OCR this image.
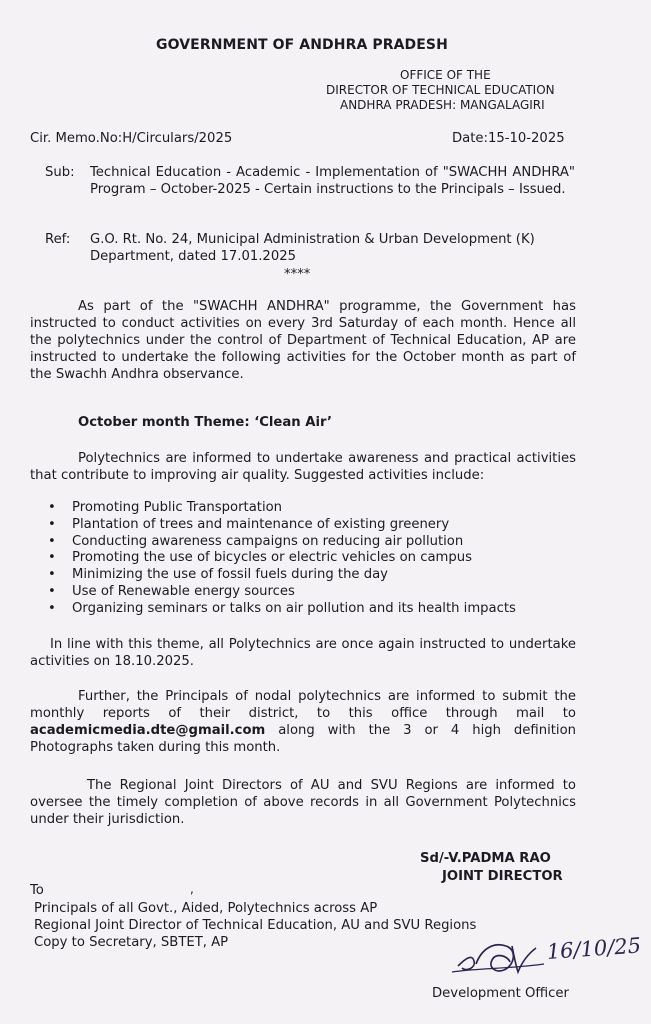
GOVERNMENT OF ANDHRA PRADESH
OFFICE OF THE
DIRECTOR OF TECHNICAL EDUCATION
ANDHRA PRADESH: MANGALAGIRI
Cir. Memo.No:H/Circulars/2025	Date:15-10-2025
Sub: Technical Education - Academic - Implementation of "SWACHH ANDHRA" Program – October-2025 - Certain instructions to the Principals – Issued.
Ref: G.O. Rt. No. 24, Municipal Administration & Urban Development (K) Department, dated 17.01.2025
****
As part of the "SWACHH ANDHRA" programme, the Government has instructed to conduct activities on every 3rd Saturday of each month. Hence all the polytechnics under the control of Department of Technical Education, AP are instructed to undertake the following activities for the October month as part of the Swachh Andhra observance.
October month Theme: ‘Clean Air’
Polytechnics are informed to undertake awareness and practical activities that contribute to improving air quality. Suggested activities include:
• Promoting Public Transportation
• Plantation of trees and maintenance of existing greenery
• Conducting awareness campaigns on reducing air pollution
• Promoting the use of bicycles or electric vehicles on campus
• Minimizing the use of fossil fuels during the day
• Use of Renewable energy sources
• Organizing seminars or talks on air pollution and its health impacts
In line with this theme, all Polytechnics are once again instructed to undertake activities on 18.10.2025.
Further, the Principals of nodal polytechnics are informed to submit the monthly reports of their district, to this office through mail to academicmedia.dte@gmail.com along with the 3 or 4 high definition Photographs taken during this month.
The Regional Joint Directors of AU and SVU Regions are informed to oversee the timely completion of above records in all Government Polytechnics under their jurisdiction.
Sd/-V.PADMA RAO
JOINT DIRECTOR
To	,
Principals of all Govt., Aided, Polytechnics across AP
Regional Joint Director of Technical Education, AU and SVU Regions
Copy to Secretary, SBTET, AP	16/10/25
Development Officer
